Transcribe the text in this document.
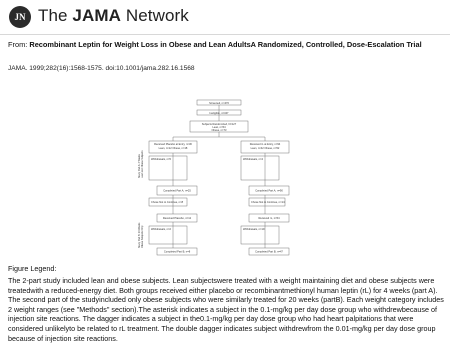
JN The JAMA Network
From: Recombinant Leptin for Weight Loss in Obese and Lean AdultsA Randomized, Controlled, Dose-Escalation Trial
JAMA. 1999;282(16):1568-1575. doi:10.1001/jama.282.16.1568
Screened, n=470
Ineligible, n=347
Subjects Randomized, N=127
Lean, n=54
Obese, n=73
Received Placebo at Entry, n=30
Lean, n=12 Obese, n=18
Received rL at Entry, n=94
Lean, n=42 Obese, n=52
Withdrawals, n=5	Withdrawals, n=4
Completed Part A, n=25	Completed Part A, n=90
Chose Not to Continue, n=8	Chose Not to Continue, n=14
Received Placebo, n=12	Received rL, n=54
Withdrawals, n=2	Withdrawals, n=19
Completed Part B, n=8	Completed Part B, n=47
Study Part A: 4 Weeks Lean and Obese Subjects
Study Part B: 20 Weeks Obese Subjects Only
Figure Legend:
The 2-part study included lean and obese subjects. Lean subjectswere treated with a weight maintaining diet and obese subjects were treatedwith a reduced-energy diet. Both groups received either placebo or recombinantmethionyl human leptin (rL) for 4 weeks (part A). The second part of the studyincluded only obese subjects who were similarly treated for 20 weeks (partB). Each weight category includes 2 weight ranges (see "Methods" section).The asterisk indicates a subject in the 0.1-mg/kg per day dose group who withdrewbecause of injection site reactions. The dagger indicates a subject in the0.1-mg/kg per day dose group who had heart palpitations that were considered unlikelyto be related to rL treatment. The double dagger indicates subject withdrewfrom the 0.01-mg/kg per day dose group because of injection site reactions.
